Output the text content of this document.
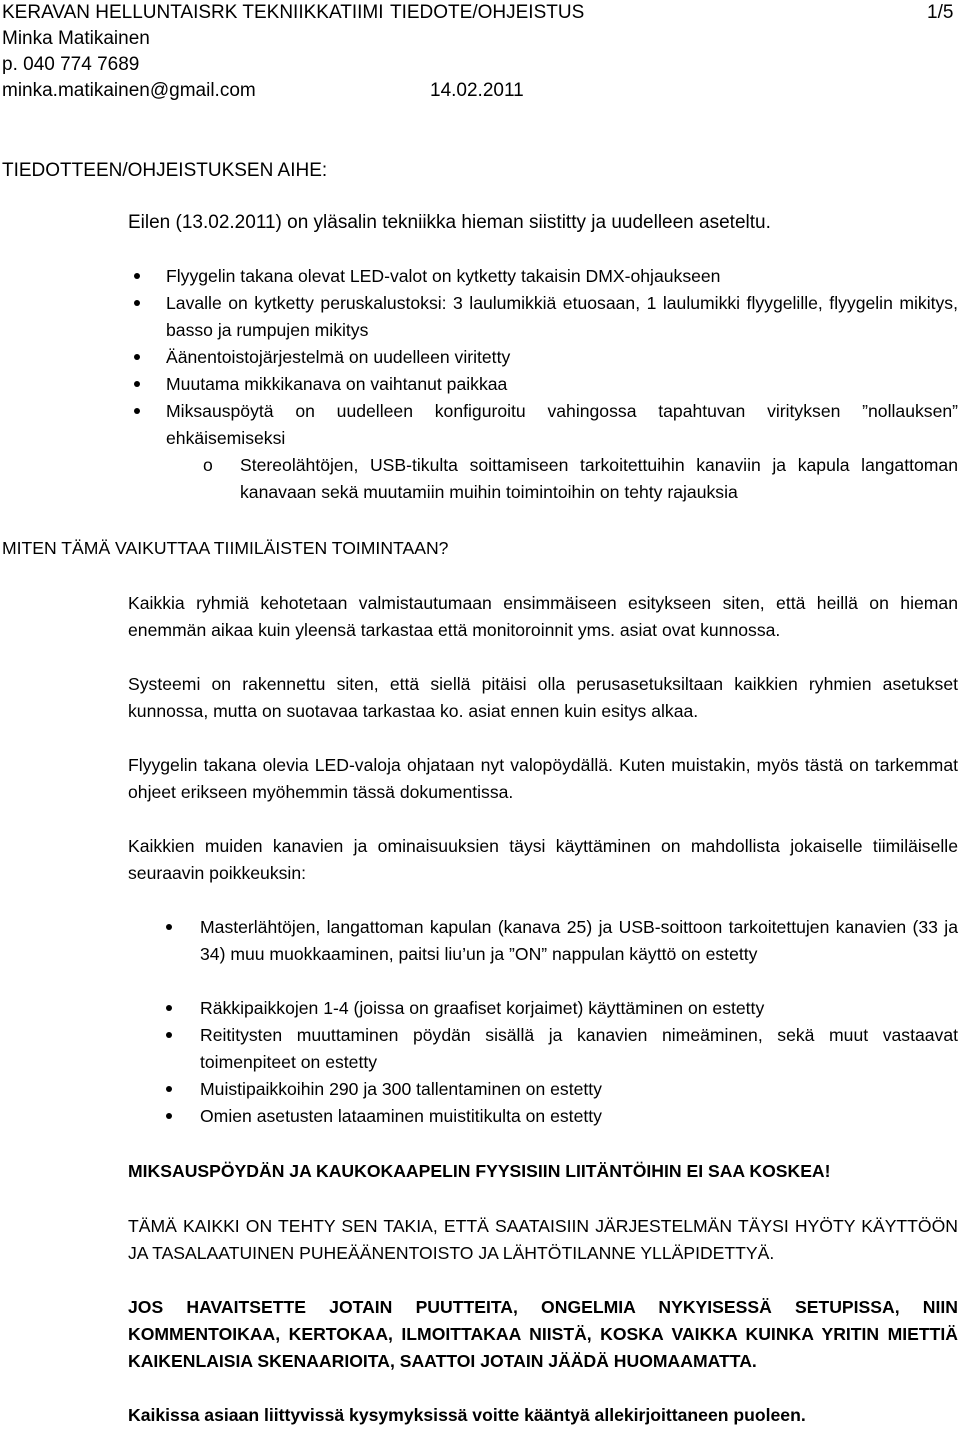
KERAVAN HELLUNTAISRK TEKNIIKKATIIMI TIEDOTE/OHJEISTUS	1/5
Minka Matikainen
p. 040 774 7689
minka.matikainen@gmail.com	14.02.2011
TIEDOTTEEN/OHJEISTUKSEN AIHE:
Eilen (13.02.2011) on yläsalin tekniikka hieman siistitty ja uudelleen aseteltu.
Flyygelin takana olevat LED-valot on kytketty takaisin DMX-ohjaukseen
Lavalle on kytketty peruskalustoksi: 3 laulumikkiä etuosaan, 1 laulumikki flyygelille, flyygelin mikitys, basso ja rumpujen mikitys
Äänentoistojärjestelmä on uudelleen viritetty
Muutama mikkikanava on vaihtanut paikkaa
Miksauspöytä on uudelleen konfiguroitu vahingossa tapahtuvan virityksen ”nollauksen” ehkäisemiseksi
o Stereolähtöjen, USB-tikulta soittamiseen tarkoitettuihin kanaviin ja kapula langattoman kanavaan sekä muutamiin muihin toimintoihin on tehty rajauksia
MITEN TÄMÄ VAIKUTTAA TIIMILÄISTEN TOIMINTAAN?
Kaikkia ryhmiä kehotetaan valmistautumaan ensimmäiseen esitykseen siten, että heillä on hieman enemmän aikaa kuin yleensä tarkastaa että monitoroinnit yms. asiat ovat kunnossa.
Systeemi on rakennettu siten, että siellä pitäisi olla perusasetuksiltaan kaikkien ryhmien asetukset kunnossa, mutta on suotavaa tarkastaa ko. asiat ennen kuin esitys alkaa.
Flyygelin takana olevia LED-valoja ohjataan nyt valopöydällä. Kuten muistakin, myös tästä on tarkemmat ohjeet erikseen myöhemmin tässä dokumentissa.
Kaikkien muiden kanavien ja ominaisuuksien täysi käyttäminen on mahdollista jokaiselle tiimiläiselle seuraavin poikkeuksin:
Masterlähtöjen, langattoman kapulan (kanava 25) ja USB-soittoon tarkoitettujen kanavien (33 ja 34) muu muokkaaminen, paitsi liu’un ja ”ON” nappulan käyttö on estetty
Räkkipaikkojen 1-4 (joissa on graafiset korjaimet) käyttäminen on estetty
Reititysten muuttaminen pöydän sisällä ja kanavien nimeäminen, sekä muut vastaavat toimenpiteet on estetty
Muistipaikkoihin 290 ja 300 tallentaminen on estetty
Omien asetusten lataaminen muistitikulta on estetty
MIKSAUSPÖYDÄN JA KAUKOKAAPELIN FYYSISIIN LIITÄNTÖIHIN EI SAA KOSKEA!
TÄMÄ KAIKKI ON TEHTY SEN TAKIA, ETTÄ SAATAISIIN JÄRJESTELMÄN TÄYSI HYÖTY KÄYTTÖÖN JA TASALAATUINEN PUHEÄÄNENTOISTO JA LÄHTÖTILANNE YLLÄPIDETTYÄ.
JOS HAVAITSETTE JOTAIN PUUTTEITA, ONGELMIA NYKYISESSÄ SETUPISSA, NIIN KOMMENTOIKAA, KERTOKAA, ILMOITTAKAA NIISTÄ, KOSKA VAIKKA KUINKA YRITIN MIETTIÄ KAIKENLAISIA SKENAARIOITA, SAATTOI JOTAIN JÄÄDÄ HUOMAAMATTA.
Kaikissa asiaan liittyvissä kysymyksissä voitte kääntyä allekirjoittaneen puoleen.
